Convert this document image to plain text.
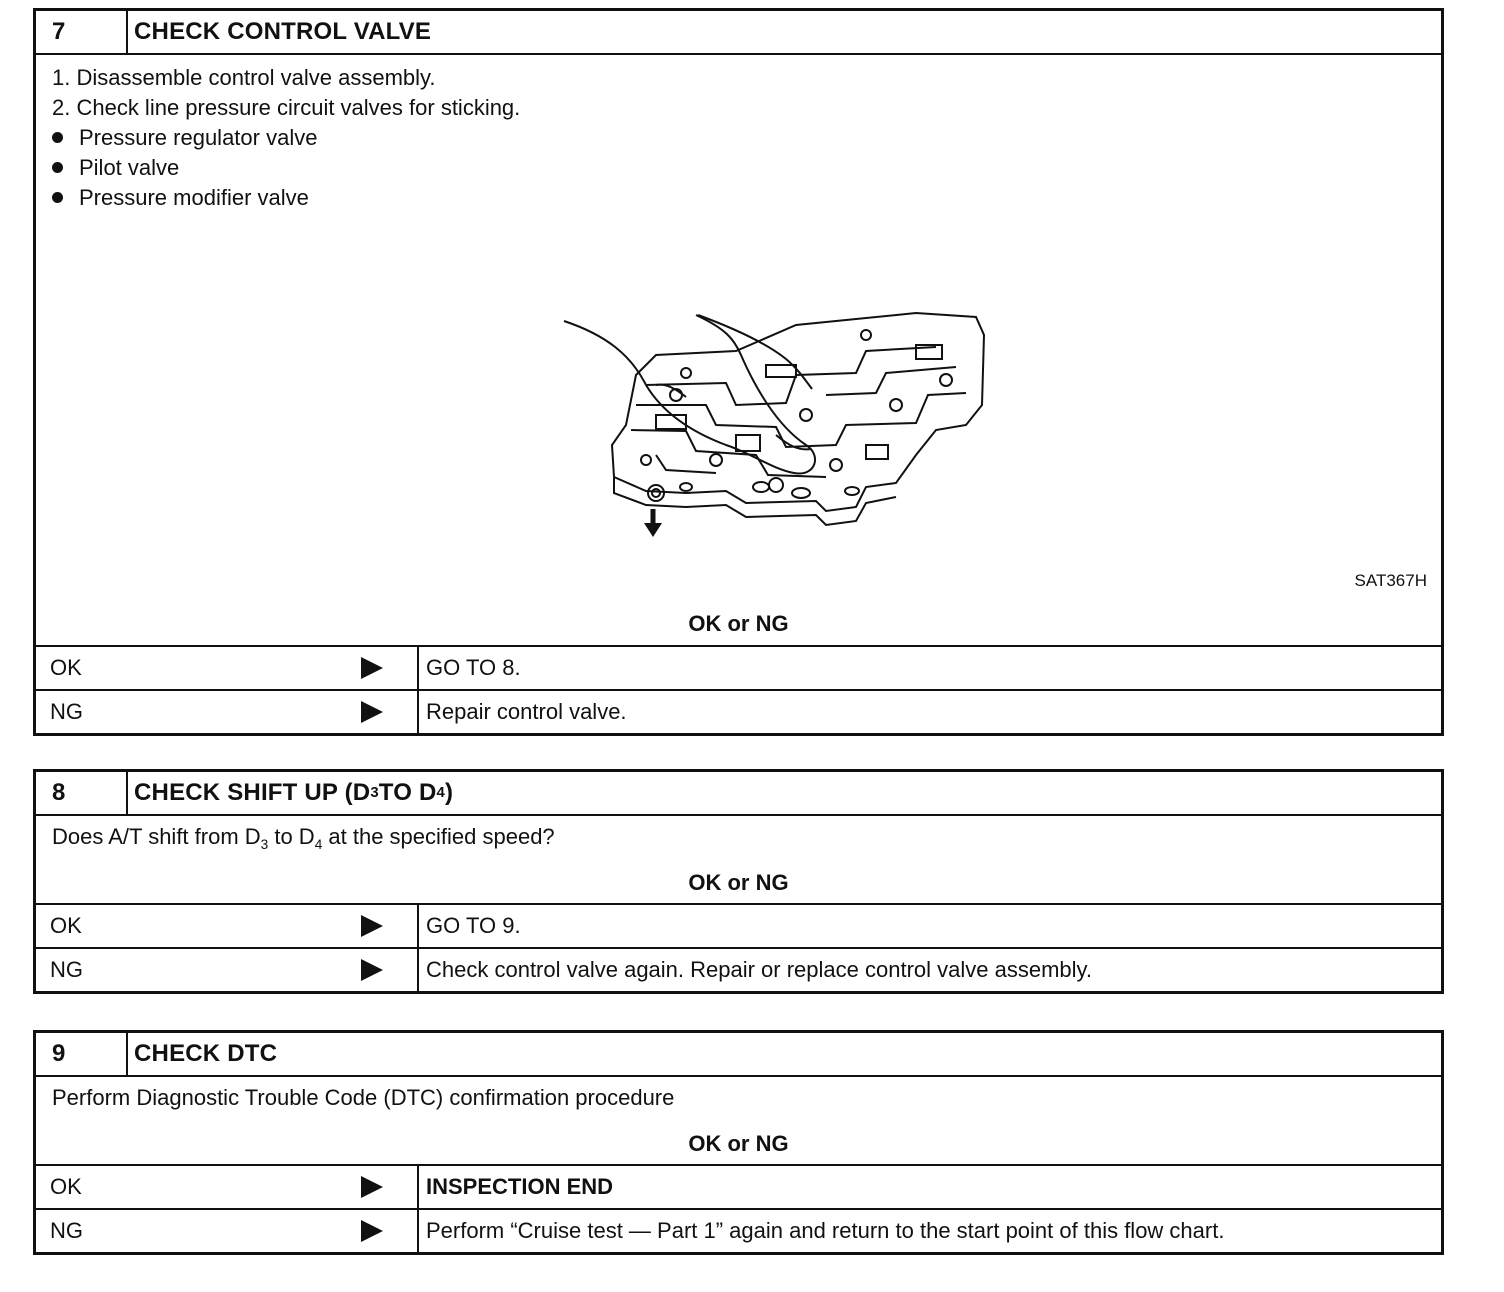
7	CHECK CONTROL VALVE
1. Disassemble control valve assembly.
2. Check line pressure circuit valves for sticking.
Pressure regulator valve
Pilot valve
Pressure modifier valve
SAT367H
OK or NG
OK	GO TO 8.
NG	Repair control valve.
8	CHECK SHIFT UP (D 3 TO D 4 )
Does A/T shift from $D_3$ to $D_4$ at the specified speed?
OK or NG
OK	GO TO 9.
NG	Check control valve again. Repair or replace control valve assembly.
9	CHECK DTC
Perform Diagnostic Trouble Code (DTC) confirmation procedure
OK or NG
OK	INSPECTION END
NG	Perform “Cruise test — Part 1” again and return to the start point of this flow chart.
